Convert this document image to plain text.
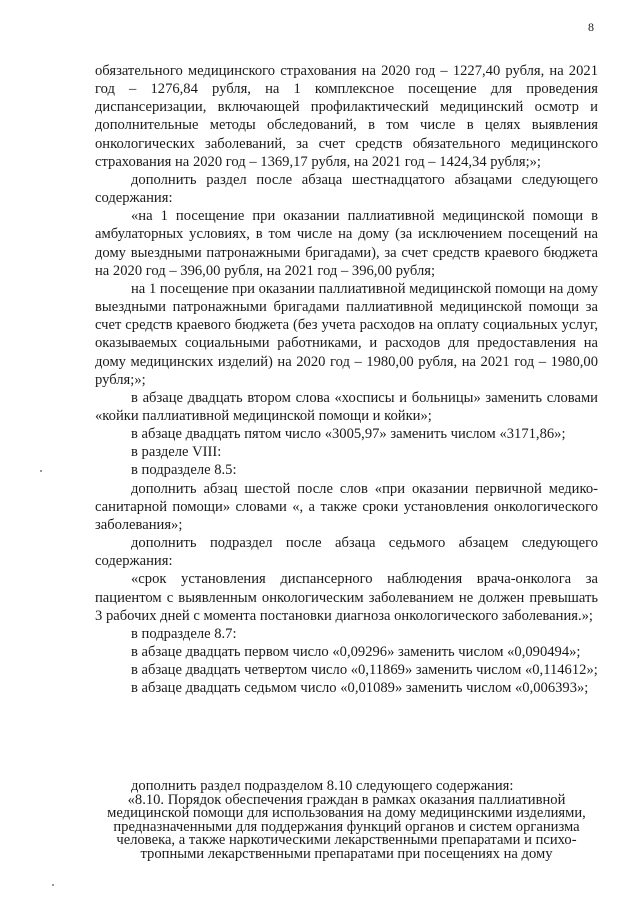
8

обязательного медицинского страхования на 2020 год – 1227,40 рубля, на 2021 год – 1276,84 рубля, на 1 комплексное посещение для проведения диспансеризации, включающей профилактический медицинский осмотр и дополнительные методы обследований, в том числе в целях выявления онкологических заболеваний, за счет средств обязательного медицинского страхования на 2020 год – 1369,17 рубля, на 2021 год – 1424,34 рубля;»;

дополнить раздел после абзаца шестнадцатого абзацами следующего содержания:

«на 1 посещение при оказании паллиативной медицинской помощи в амбулаторных условиях, в том числе на дому (за исключением посещений на дому выездными патронажными бригадами), за счет средств краевого бюджета на 2020 год – 396,00 рубля, на 2021 год – 396,00 рубля;

на 1 посещение при оказании паллиативной медицинской помощи на дому выездными патронажными бригадами паллиативной медицинской помощи за счет средств краевого бюджета (без учета расходов на оплату социальных услуг, оказываемых социальными работниками, и расходов для предоставления на дому медицинских изделий) на 2020 год – 1980,00 рубля, на 2021 год – 1980,00 рубля;»;

в абзаце двадцать втором слова «хосписы и больницы» заменить словами «койки паллиативной медицинской помощи и койки»;

в абзаце двадцать пятом число «3005,97» заменить числом «3171,86»;

в разделе VIII:

в подразделе 8.5:

дополнить абзац шестой после слов «при оказании первичной медико-санитарной помощи» словами «, а также сроки установления онкологического заболевания»;

дополнить подраздел после абзаца седьмого абзацем следующего содержания:

«срок установления диспансерного наблюдения врача-онколога за пациентом с выявленным онкологическим заболеванием не должен превышать 3 рабочих дней с момента постановки диагноза онкологического заболевания.»;

в подразделе 8.7:

в абзаце двадцать первом число «0,09296» заменить числом «0,090494»;

в абзаце двадцать четвертом число «0,11869» заменить числом «0,114612»;

в абзаце двадцать седьмом число «0,01089» заменить числом «0,006393»;

дополнить раздел подразделом 8.10 следующего содержания:

«8.10. Порядок обеспечения граждан в рамках оказания паллиативной медицинской помощи для использования на дому медицинскими изделиями,

предназначенными для поддержания функций органов и систем организма

человека, а также наркотическими лекарственными препаратами и психо-

тропными лекарственными препаратами при посещениях на дому
